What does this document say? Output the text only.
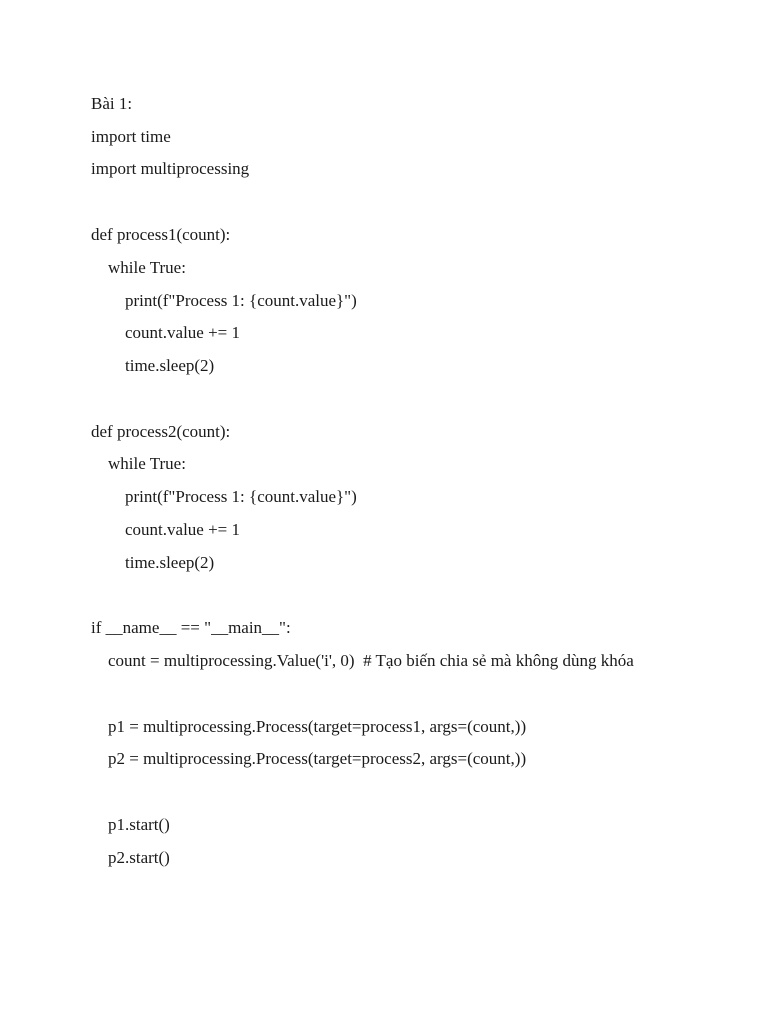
Bài 1:
import time
import multiprocessing
def process1(count):
while True:
print(f"Process 1: {count.value}")
count.value += 1
time.sleep(2)
def process2(count):
while True:
print(f"Process 1: {count.value}")
count.value += 1
time.sleep(2)
if __name__ == "__main__":
count = multiprocessing.Value('i', 0)  # Tạo biến chia sẻ mà không dùng khóa
p1 = multiprocessing.Process(target=process1, args=(count,))
p2 = multiprocessing.Process(target=process2, args=(count,))
p1.start()
p2.start()
